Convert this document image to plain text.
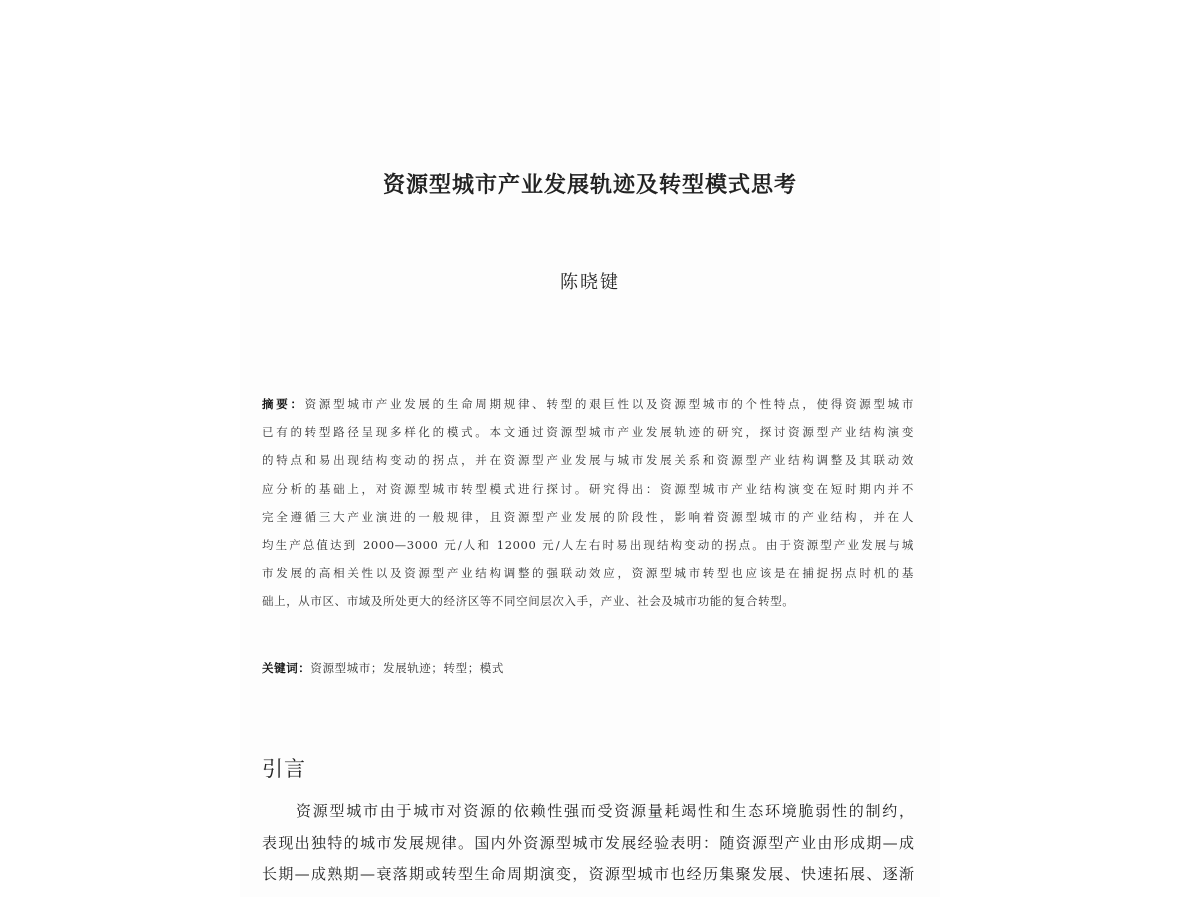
资源型城市产业发展轨迹及转型模式思考
陈晓键
摘要：资源型城市产业发展的生命周期规律、转型的艰巨性以及资源型城市的个性特点，使得资源型城市
已有的转型路径呈现多样化的模式。本文通过资源型城市产业发展轨迹的研究，探讨资源型产业结构演变
的特点和易出现结构变动的拐点，并在资源型产业发展与城市发展关系和资源型产业结构调整及其联动效
应分析的基础上，对资源型城市转型模式进行探讨。研究得出：资源型城市产业结构演变在短时期内并不
完全遵循三大产业演进的一般规律，且资源型产业发展的阶段性，影响着资源型城市的产业结构，并在人
均生产总值达到 2000—3000 元/人和 12000 元/人左右时易出现结构变动的拐点。由于资源型产业发展与城
市发展的高相关性以及资源型产业结构调整的强联动效应，资源型城市转型也应该是在捕捉拐点时机的基
础上，从市区、市域及所处更大的经济区等不同空间层次入手，产业、社会及城市功能的复合转型。
关键词：资源型城市；发展轨迹；转型；模式
引言
资源型城市由于城市对资源的依赖性强而受资源量耗竭性和生态环境脆弱性的制约，
表现出独特的城市发展规律。国内外资源型城市发展经验表明：随资源型产业由形成期—成
长期—成熟期—衰落期或转型生命周期演变，资源型城市也经历集聚发展、快速拓展、逐渐
